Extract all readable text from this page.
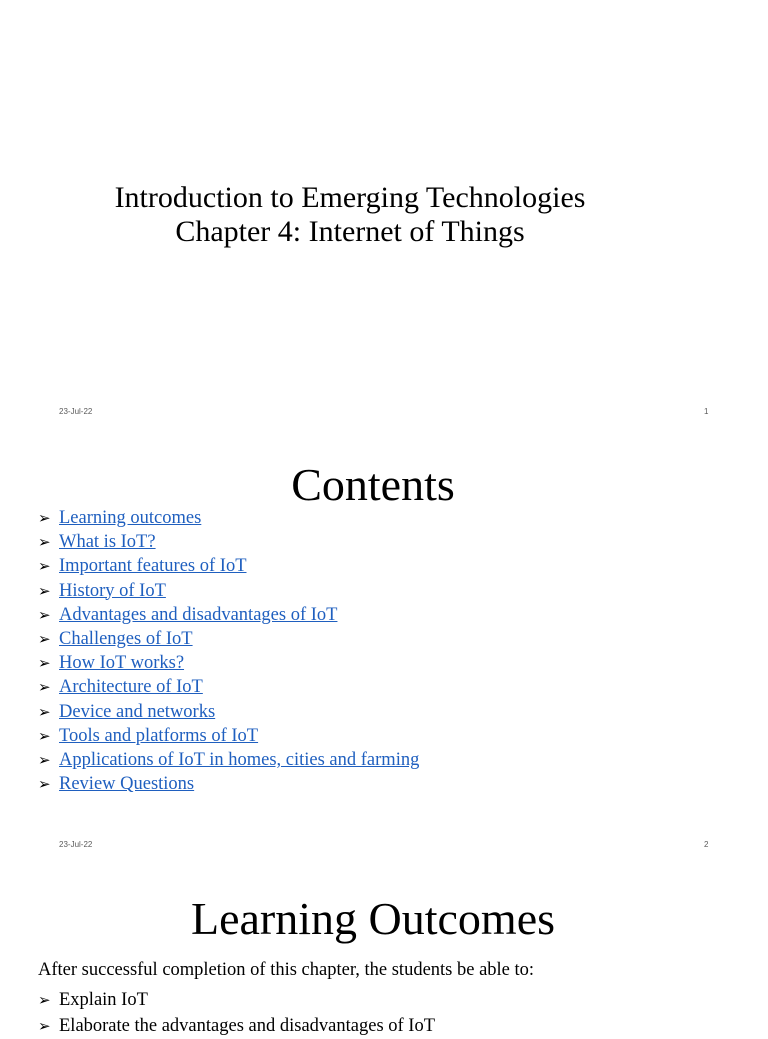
Introduction to Emerging Technologies
Chapter 4: Internet of Things
23-Jul-22	1
Contents
➢ Learning outcomes
➢ What is IoT?
➢ Important features of IoT
➢ History of IoT
➢ Advantages and disadvantages of IoT
➢ Challenges of IoT
➢ How IoT works?
➢ Architecture of IoT
➢ Device and networks
➢ Tools and platforms of IoT
➢ Applications of IoT in homes, cities and farming
➢ Review Questions
23-Jul-22	2
Learning Outcomes
After successful completion of this chapter, the students be able to:
➢ Explain IoT
➢ Elaborate the advantages and disadvantages of IoT
